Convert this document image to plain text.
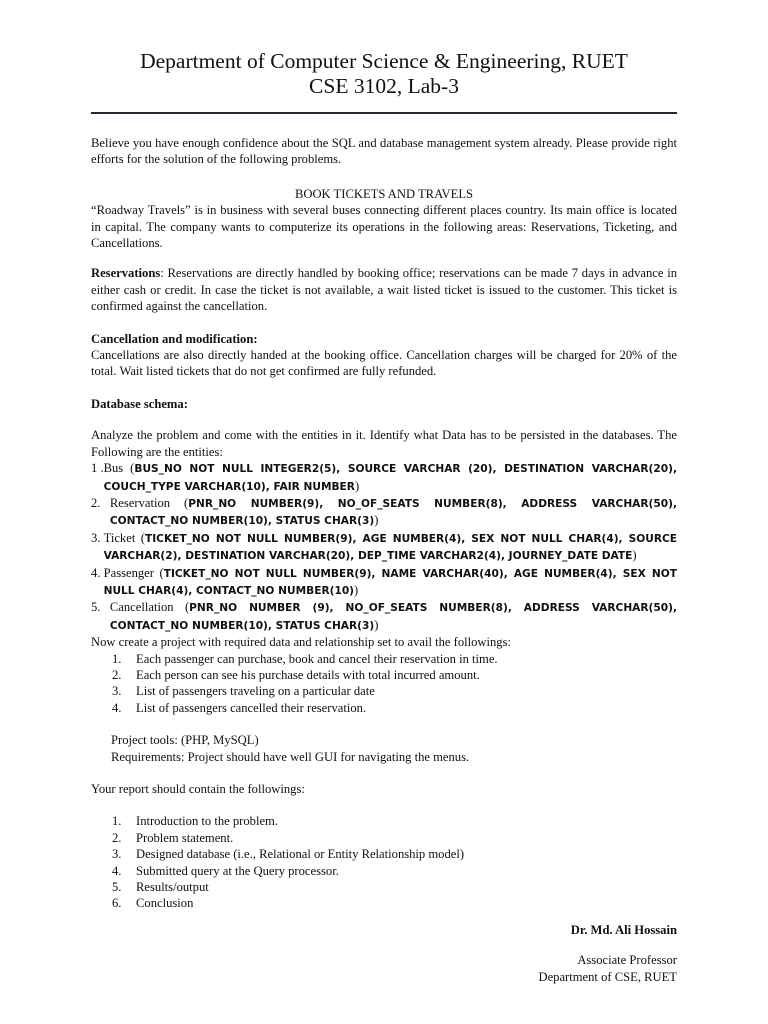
Department of Computer Science & Engineering, RUET
CSE 3102, Lab-3

Believe you have enough confidence about the SQL and database management system already. Please provide right efforts for the solution of the following problems.

BOOK TICKETS AND TRAVELS

“Roadway Travels” is in business with several buses connecting different places country. Its main office is located in capital. The company wants to computerize its operations in the following areas: Reservations, Ticketing, and Cancellations.

Reservations: Reservations are directly handled by booking office; reservations can be made 7 days in advance in either cash or credit. In case the ticket is not available, a wait listed ticket is issued to the customer. This ticket is confirmed against the cancellation.

Cancellation and modification:

Cancellations are also directly handed at the booking office. Cancellation charges will be charged for 20% of the total. Wait listed tickets that do not get confirmed are fully refunded.

Database schema:

Analyze the problem and come with the entities in it. Identify what Data has to be persisted in the databases. The Following are the entities:

1 . Bus (BUS_NO NOT NULL INTEGER2(5), SOURCE VARCHAR (20), DESTINATION VARCHAR(20), COUCH_TYPE VARCHAR(10), FAIR NUMBER)
2. Reservation (PNR_NO NUMBER(9), NO_OF_SEATS NUMBER(8), ADDRESS VARCHAR(50), CONTACT_NO NUMBER(10), STATUS CHAR(3))
3. Ticket (TICKET_NO NOT NULL NUMBER(9), AGE NUMBER(4), SEX NOT NULL CHAR(4), SOURCE VARCHAR(2), DESTINATION VARCHAR(20), DEP_TIME VARCHAR2(4), JOURNEY_DATE DATE)
4. Passenger (TICKET_NO NOT NULL NUMBER(9), NAME VARCHAR(40), AGE NUMBER(4), SEX NOT NULL CHAR(4), CONTACT_NO NUMBER(10))
5. Cancellation (PNR_NO NUMBER (9), NO_OF_SEATS NUMBER(8), ADDRESS VARCHAR(50), CONTACT_NO NUMBER(10), STATUS CHAR(3))

Now create a project with required data and relationship set to avail the followings:

1. Each passenger can purchase, book and cancel their reservation in time.
2. Each person can see his purchase details with total incurred amount.
3. List of passengers traveling on a particular date
4. List of passengers cancelled their reservation.

Project tools: (PHP, MySQL)

Requirements: Project should have well GUI for navigating the menus.

Your report should contain the followings:

1. Introduction to the problem.
2. Problem statement.
3. Designed database (i.e., Relational or Entity Relationship model)
4. Submitted query at the Query processor.
5. Results/output
6. Conclusion

Dr. Md. Ali Hossain

Associate Professor

Department of CSE, RUET
